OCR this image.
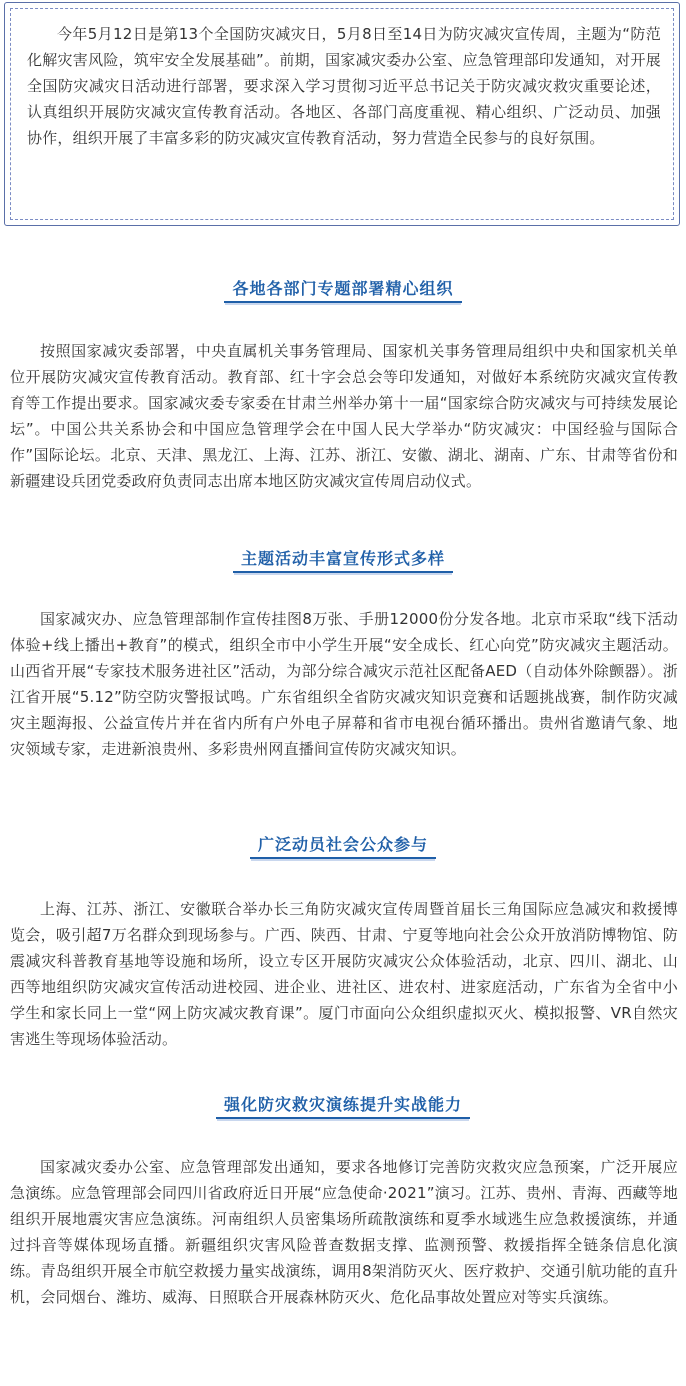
今年5月12日是第13个全国防灾减灾日，5月8日至14日为防灾减灾宣传周，主题为“防范化解灾害风险，筑牢安全发展基础”。前期，国家减灾委办公室、应急管理部印发通知，对开展全国防灾减灾日活动进行部署，要求深入学习贯彻习近平总书记关于防灾减灾救灾重要论述，认真组织开展防灾减灾宣传教育活动。各地区、各部门高度重视、精心组织、广泛动员、加强协作，组织开展了丰富多彩的防灾减灾宣传教育活动，努力营造全民参与的良好氛围。

各地各部门专题部署精心组织

按照国家减灾委部署，中央直属机关事务管理局、国家机关事务管理局组织中央和国家机关单位开展防灾减灾宣传教育活动。教育部、红十字会总会等印发通知，对做好本系统防灾减灾宣传教育等工作提出要求。国家减灾委专家委在甘肃兰州举办第十一届“国家综合防灾减灾与可持续发展论坛”。中国公共关系协会和中国应急管理学会在中国人民大学举办“防灾减灾：中国经验与国际合作”国际论坛。北京、天津、黑龙江、上海、江苏、浙江、安徽、湖北、湖南、广东、甘肃等省份和新疆建设兵团党委政府负责同志出席本地区防灾减灾宣传周启动仪式。

主题活动丰富宣传形式多样

国家减灾办、应急管理部制作宣传挂图8万张、手册12000份分发各地。北京市采取“线下活动体验+线上播出+教育”的模式，组织全市中小学生开展“安全成长、红心向党”防灾减灾主题活动。山西省开展“专家技术服务进社区”活动，为部分综合减灾示范社区配备AED（自动体外除颤器）。浙江省开展“5.12”防空防灾警报试鸣。广东省组织全省防灾减灾知识竞赛和话题挑战赛，制作防灾减灾主题海报、公益宣传片并在省内所有户外电子屏幕和省市电视台循环播出。贵州省邀请气象、地灾领域专家，走进新浪贵州、多彩贵州网直播间宣传防灾减灾知识。

广泛动员社会公众参与

上海、江苏、浙江、安徽联合举办长三角防灾减灾宣传周暨首届长三角国际应急减灾和救援博览会，吸引超7万名群众到现场参与。广西、陕西、甘肃、宁夏等地向社会公众开放消防博物馆、防震减灾科普教育基地等设施和场所，设立专区开展防灾减灾公众体验活动，北京、四川、湖北、山西等地组织防灾减灾宣传活动进校园、进企业、进社区、进农村、进家庭活动，广东省为全省中小学生和家长同上一堂“网上防灾减灾教育课”。厦门市面向公众组织虚拟灭火、模拟报警、VR自然灾害逃生等现场体验活动。

强化防灾救灾演练提升实战能力

国家减灾委办公室、应急管理部发出通知，要求各地修订完善防灾救灾应急预案，广泛开展应急演练。应急管理部会同四川省政府近日开展“应急使命·2021”演习。江苏、贵州、青海、西藏等地组织开展地震灾害应急演练。河南组织人员密集场所疏散演练和夏季水域逃生应急救援演练，并通过抖音等媒体现场直播。新疆组织灾害风险普查数据支撑、监测预警、救援指挥全链条信息化演练。青岛组织开展全市航空救援力量实战演练，调用8架消防灭火、医疗救护、交通引航功能的直升机，会同烟台、潍坊、威海、日照联合开展森林防灭火、危化品事故处置应对等实兵演练。
